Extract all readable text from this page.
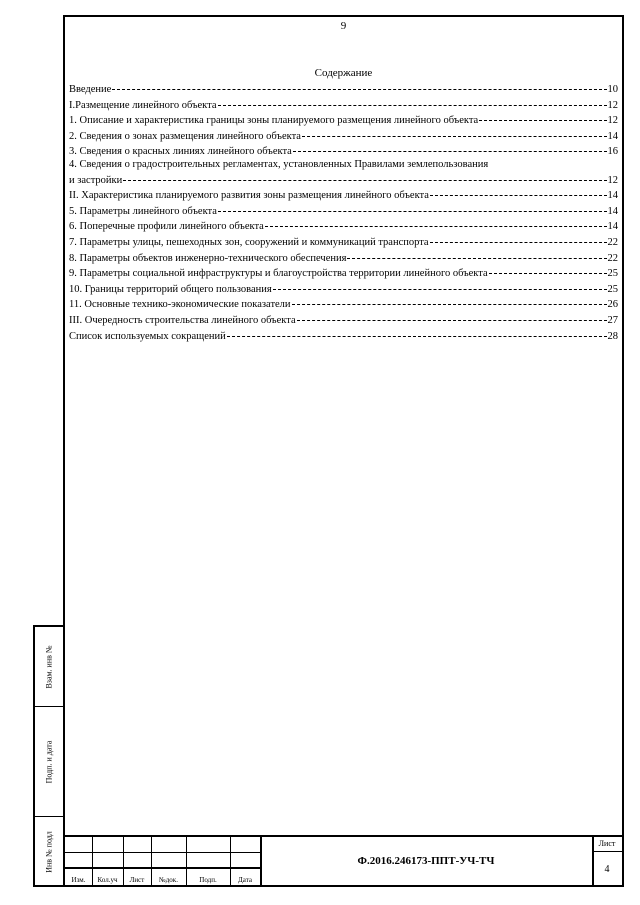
Взам. инв №
Подп. и дата
Инв № подл
9
Содержание
Введение	10
I.Размещение линейного объекта	12
1. Описание и характеристика границы зоны планируемого размещения линейного объекта	12
2. Сведения о зонах размещения линейного объекта	14
3. Сведения о красных линиях линейного объекта	16
4. Сведения о градостроительных регламентах, установленных Правилами землепользования
и застройки	12
II. Характеристика планируемого развития зоны размещения линейного объекта	14
5. Параметры линейного объекта	14
6. Поперечные профили линейного объекта	14
7. Параметры улицы, пешеходных зон, сооружений и коммуникаций транспорта	22
8. Параметры объектов инженерно-технического обеспечения	22
9. Параметры социальной инфраструктуры и благоустройства территории линейного объекта	25
10. Границы территорий общего пользования	25
11. Основные технико-экономические показатели	26
III. Очередность строительства линейного объекта	27
Список используемых сокращений	28
Изм.	Кол.уч	Лист	№док.	Подп.	Дата
Ф.2016.246173-ППТ-УЧ-ТЧ
Лист
4
